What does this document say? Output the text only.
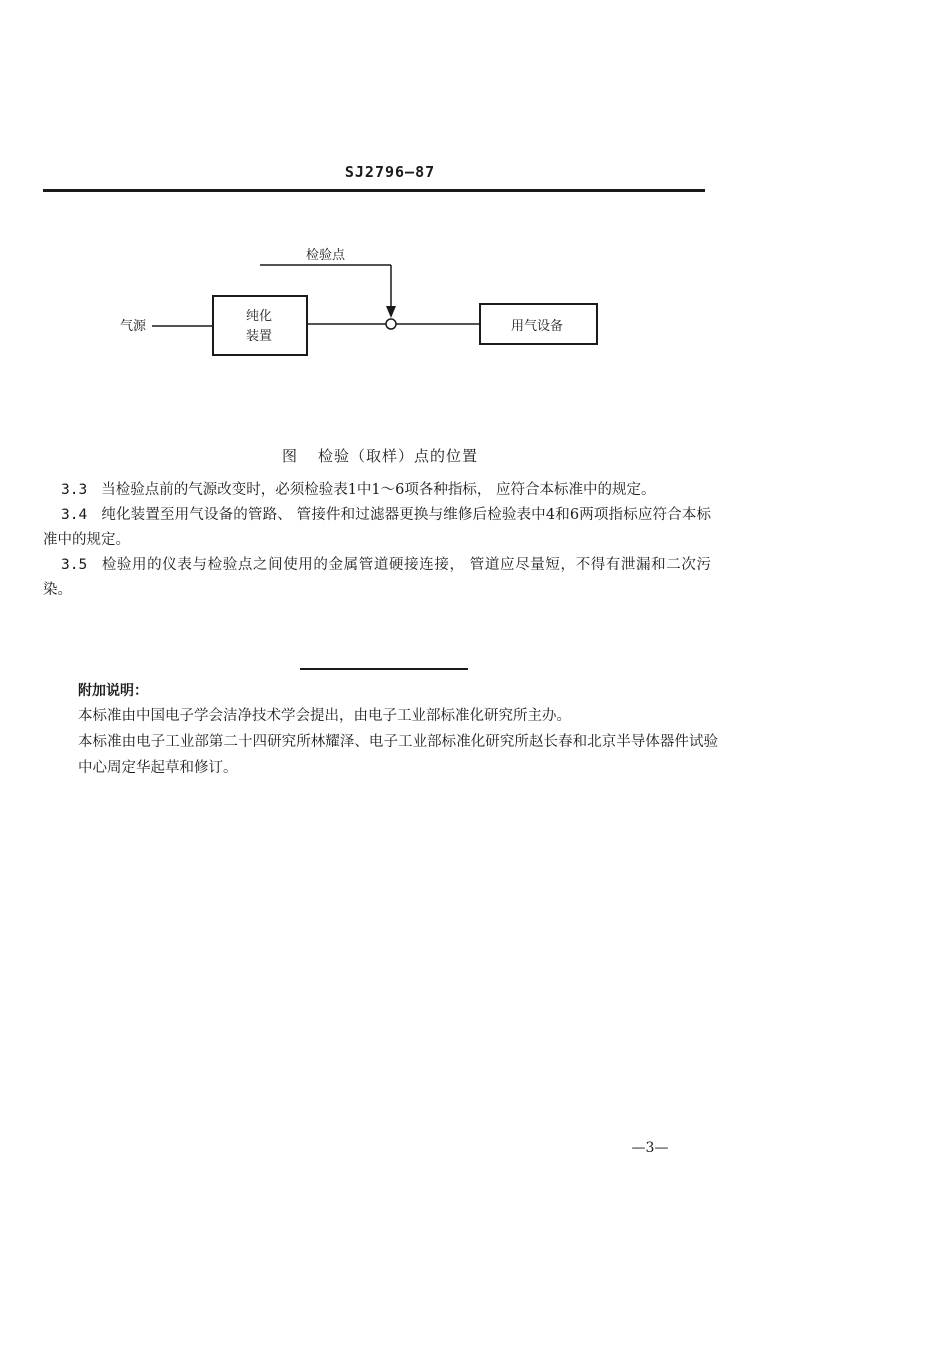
SJ2796—87
气源
纯化
装置
检验点
用气设备
图 检验（取样）点的位置

3.3 当检验点前的气源改变时，必须检验表1中1～6项各种指标， 应符合本标准中的规定。

3.4 纯化装置至用气设备的管路、 管接件和过滤器更换与维修后检验表中4和6两项指标应符合本标准中的规定。

3.5 检验用的仪表与检验点之间使用的金属管道硬接连接， 管道应尽量短，不得有泄漏和二次污染。

附加说明：
本标准由中国电子学会洁净技术学会提出，由电子工业部标准化研究所主办。
本标准由电子工业部第二十四研究所林耀泽、电子工业部标准化研究所赵长春和北京半导体器件试验中心周定华起草和修订。
—3—
